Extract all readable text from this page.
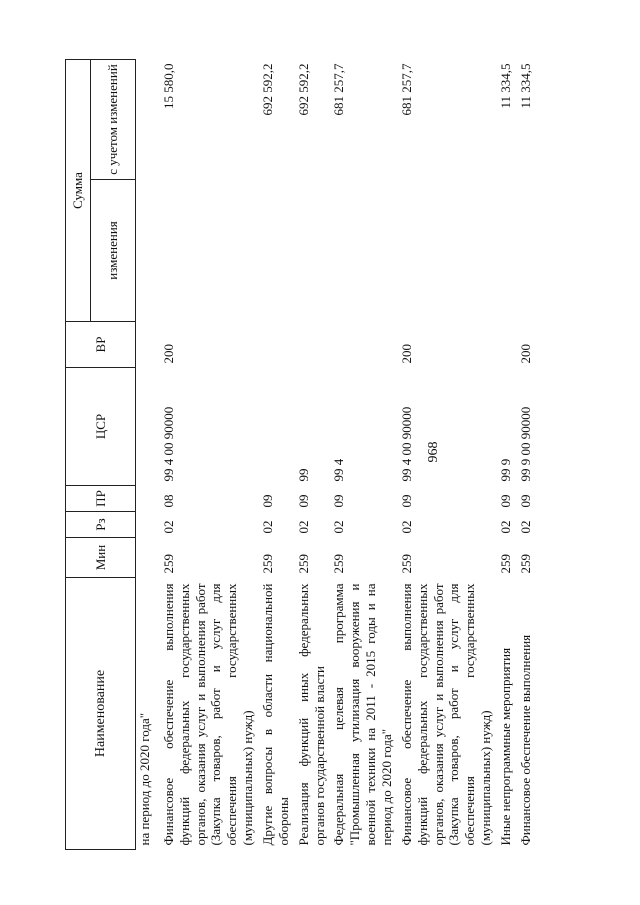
968
Наименование	Мин	Рз	ПР	ЦСР	ВР	Сумма	
						изменения	с учетом изменений
на период до 2020 года"							
Финансовое обеспечение выполнения функций федеральных государственных органов, оказания услуг и выполнения работ (Закупка товаров, работ и услуг для обеспечения государственных (муниципальных) нужд)	259	02	08	99 4 00 90000	200		15 580,0
Другие вопросы в области национальной обороны	259	02	09				692 592,2
Реализация функций иных федеральных органов государственной власти	259	02	09	99			692 592,2
Федеральная целевая программа "Промышленная утилизация вооружения и военной техники на 2011 - 2015 годы и на период до 2020 года"	259	02	09	99 4			681 257,7
Финансовое обеспечение выполнения функций федеральных государственных органов, оказания услуг и выполнения работ (Закупка товаров, работ и услуг для обеспечения государственных (муниципальных) нужд)	259	02	09	99 4 00 90000	200		681 257,7
Иные непрограммные мероприятия	259	02	09	99 9			11 334,5
Финансовое обеспечение выполнения	259	02	09	99 9 00 90000	200		11 334,5
